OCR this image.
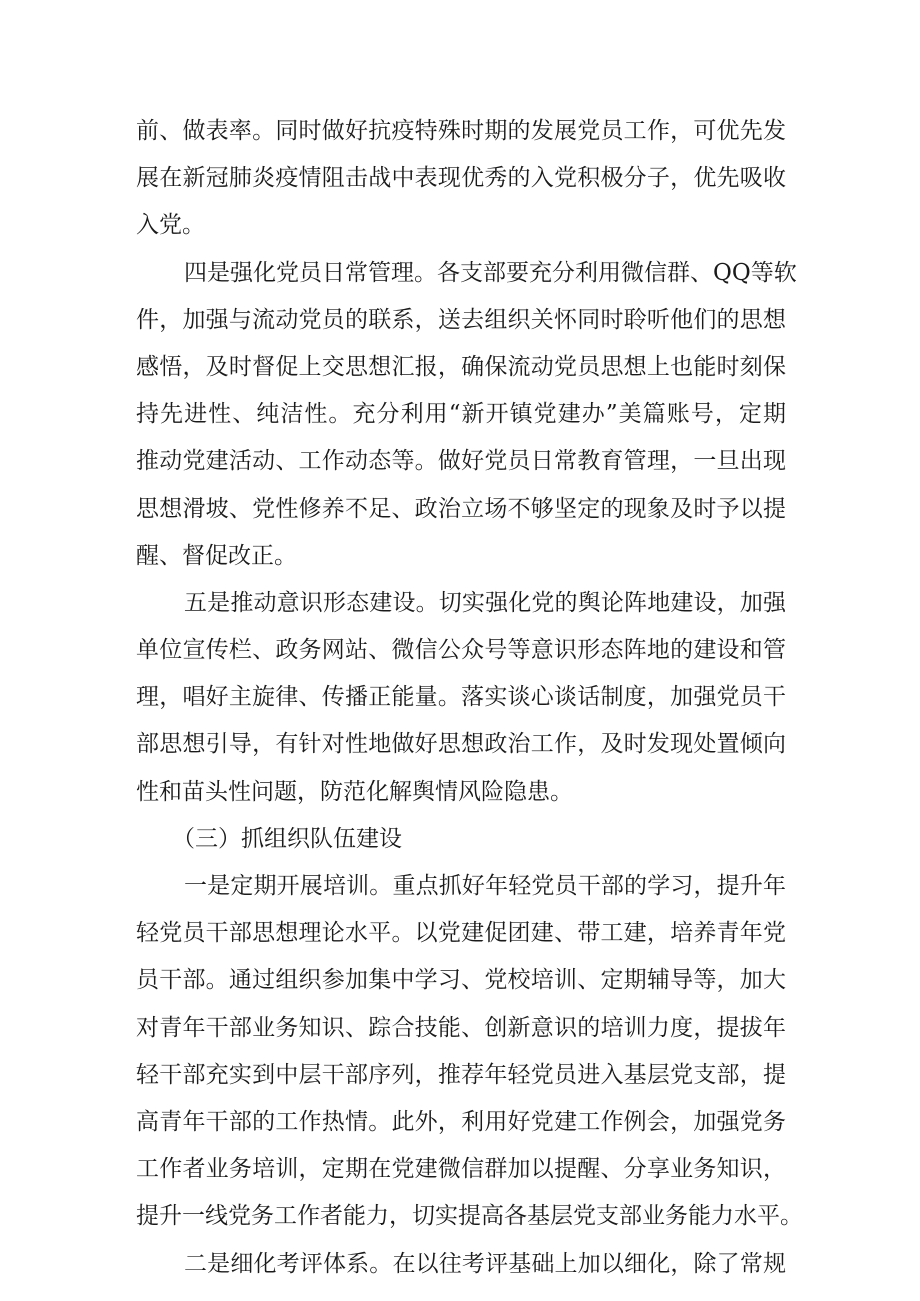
前、做表率。同时做好抗疫特殊时期的发展党员工作，可优先发
展在新冠肺炎疫情阻击战中表现优秀的入党积极分子，优先吸收
入党。
四是强化党员日常管理。各支部要充分利用微信群、QQ等软
件，加强与流动党员的联系，送去组织关怀同时聆听他们的思想
感悟，及时督促上交思想汇报，确保流动党员思想上也能时刻保
持先进性、纯洁性。充分利用“新开镇党建办”美篇账号，定期
推动党建活动、工作动态等。做好党员日常教育管理，一旦出现
思想滑坡、党性修养不足、政治立场不够坚定的现象及时予以提
醒、督促改正。
五是推动意识形态建设。切实强化党的舆论阵地建设，加强
单位宣传栏、政务网站、微信公众号等意识形态阵地的建设和管
理，唱好主旋律、传播正能量。落实谈心谈话制度，加强党员干
部思想引导，有针对性地做好思想政治工作，及时发现处置倾向
性和苗头性问题，防范化解舆情风险隐患。
（三）抓组织队伍建设
一是定期开展培训。重点抓好年轻党员干部的学习，提升年
轻党员干部思想理论水平。以党建促团建、带工建，培养青年党
员干部。通过组织参加集中学习、党校培训、定期辅导等，加大
对青年干部业务知识、踪合技能、创新意识的培训力度，提拔年
轻干部充实到中层干部序列，推荐年轻党员进入基层党支部，提
高青年干部的工作热情。此外，利用好党建工作例会，加强党务
工作者业务培训，定期在党建微信群加以提醒、分享业务知识，
提升一线党务工作者能力，切实提高各基层党支部业务能力水平。
二是细化考评体系。在以往考评基础上加以细化，除了常规
